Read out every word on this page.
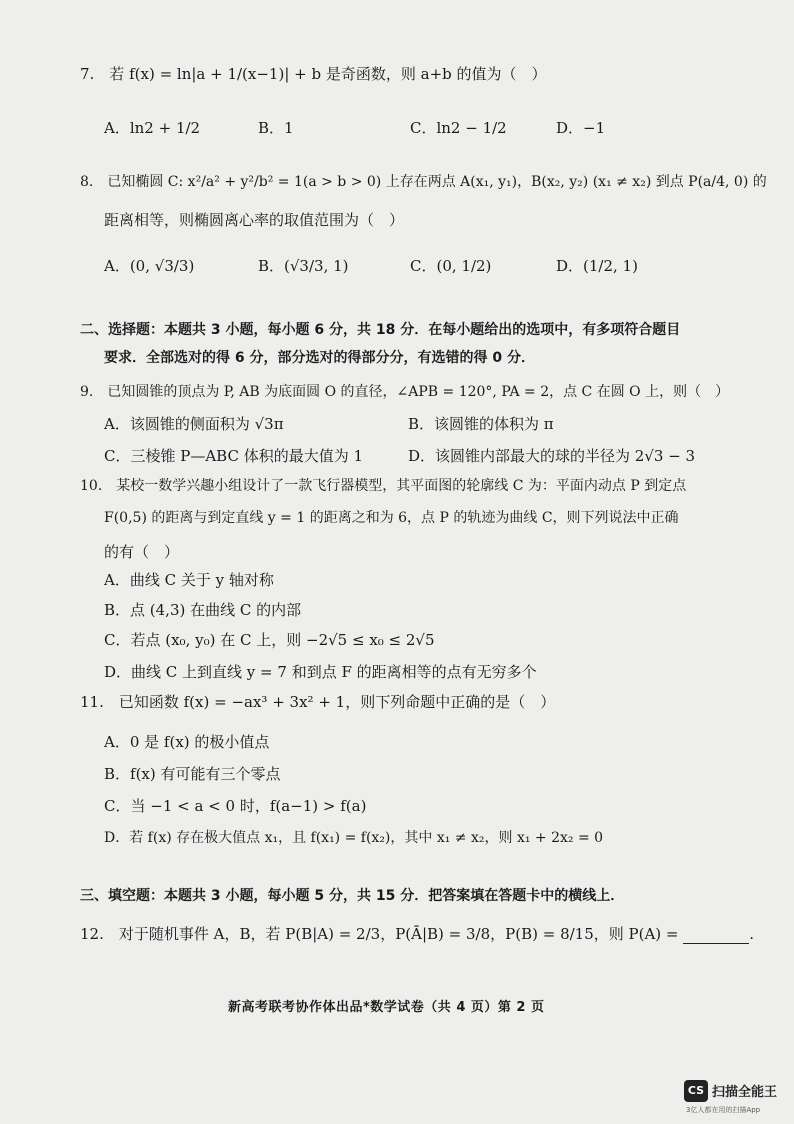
7.　若 f(x) = ln|a + 1/(x−1)| + b 是奇函数，则 a+b 的值为（　）
A．ln2 + 1/2	B．1	C．ln2 − 1/2	D．−1
8.　已知椭圆 C: x²/a² + y²/b² = 1(a > b > 0) 上存在两点 A(x₁, y₁)，B(x₂, y₂) (x₁ ≠ x₂) 到点 P(a/4, 0) 的
距离相等，则椭圆离心率的取值范围为（　）
A．(0, √3/3)	B．(√3/3, 1)	C．(0, 1/2)	D．(1/2, 1)
二、选择题：本题共 3 小题，每小题 6 分，共 18 分．在每小题给出的选项中，有多项符合题目
要求．全部选对的得 6 分，部分选对的得部分分，有选错的得 0 分．
9.　已知圆锥的顶点为 P, AB 为底面圆 O 的直径，∠APB = 120°, PA = 2，点 C 在圆 O 上，则（　）
A．该圆锥的侧面积为 √3π	B．该圆锥的体积为 π
C．三棱锥 P—ABC 体积的最大值为 1	D．该圆锥内部最大的球的半径为 2√3 − 3
10.　某校一数学兴趣小组设计了一款飞行器模型，其平面图的轮廓线 C 为：平面内动点 P 到定点
F(0,5) 的距离与到定直线 y = 1 的距离之和为 6，点 P 的轨迹为曲线 C，则下列说法中正确
的有（　）
A．曲线 C 关于 y 轴对称
B．点 (4,3) 在曲线 C 的内部
C．若点 (x₀, y₀) 在 C 上，则 −2√5 ≤ x₀ ≤ 2√5
D．曲线 C 上到直线 y = 7 和到点 F 的距离相等的点有无穷多个
11.　已知函数 f(x) = −ax³ + 3x² + 1，则下列命题中正确的是（　）
A．0 是 f(x) 的极小值点
B．f(x) 有可能有三个零点
C．当 −1 < a < 0 时，f(a−1) > f(a)
D．若 f(x) 存在极大值点 x₁，且 f(x₁) = f(x₂)，其中 x₁ ≠ x₂，则 x₁ + 2x₂ = 0
三、填空题：本题共 3 小题，每小题 5 分，共 15 分．把答案填在答题卡中的横线上．
12.　对于随机事件 A，B，若 P(B|A) = 2/3，P(Ā|B) = 3/8，P(B) = 8/15，则 P(A) =	.
新高考联考协作体出品*数学试卷（共 4 页）第 2 页
CS 扫描全能王
3亿人都在用的扫描App
